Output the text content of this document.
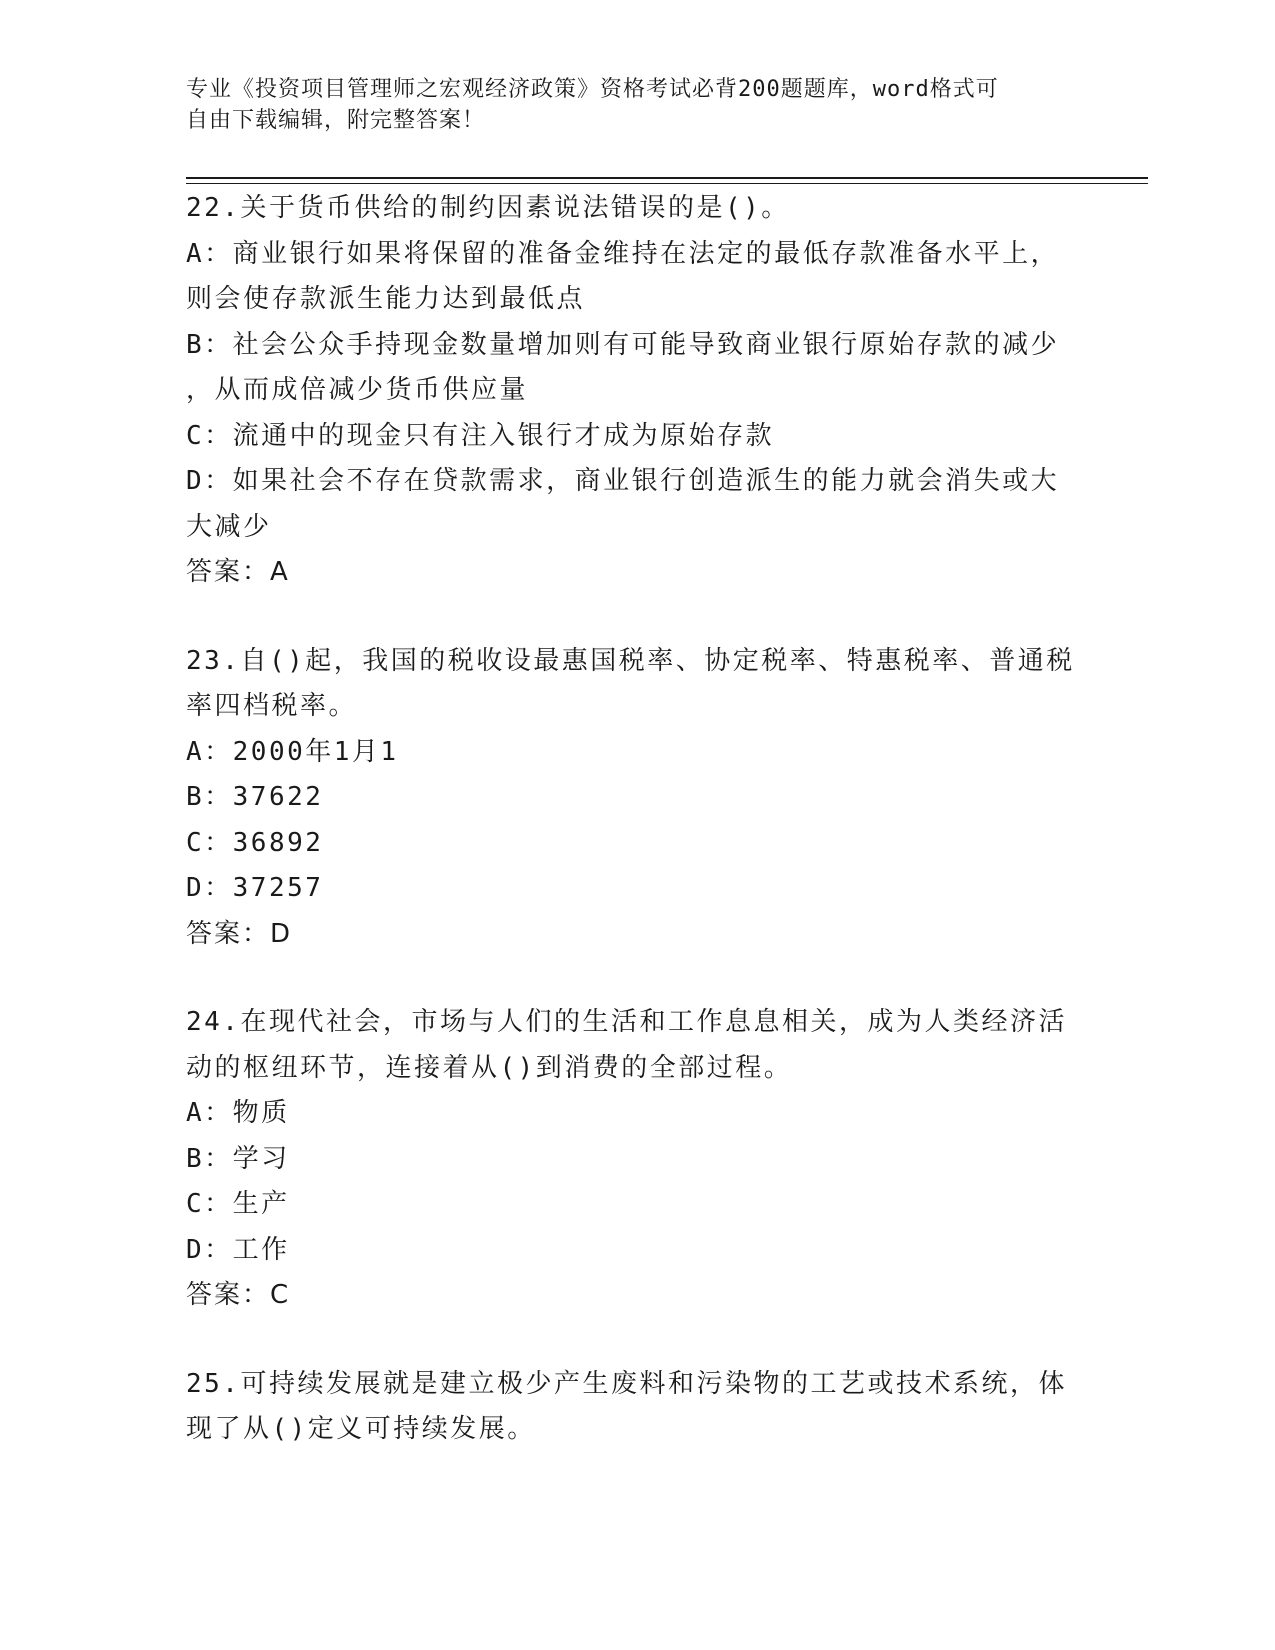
专业《投资项目管理师之宏观经济政策》资格考试必背200题题库，word格式可
自由下载编辑，附完整答案！
22.关于货币供给的制约因素说法错误的是()。
A：商业银行如果将保留的准备金维持在法定的最低存款准备水平上，
则会使存款派生能力达到最低点
B：社会公众手持现金数量增加则有可能导致商业银行原始存款的减少
，从而成倍减少货币供应量
C：流通中的现金只有注入银行才成为原始存款
D：如果社会不存在贷款需求，商业银行创造派生的能力就会消失或大
大减少
答案：A
23.自()起，我国的税收设最惠国税率、协定税率、特惠税率、普通税
率四档税率。
A：2000年1月1
B：37622
C：36892
D：37257
答案：D
24.在现代社会，市场与人们的生活和工作息息相关，成为人类经济活
动的枢纽环节，连接着从()到消费的全部过程。
A：物质
B：学习
C：生产
D：工作
答案：C
25.可持续发展就是建立极少产生废料和污染物的工艺或技术系统，体
现了从()定义可持续发展。
